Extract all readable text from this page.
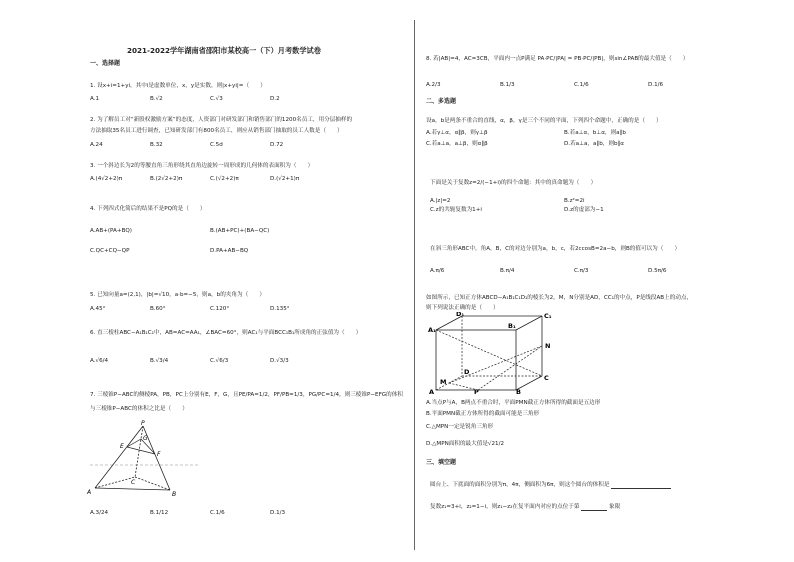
2021-2022学年湖南省邵阳市某校高一（下）月考数学试卷
一、选择题
1. 设x+i=1+yi，其中i是虚数单位，x，y是实数，则|x+yi|=（　　）
A.1	B.√2	C.√3	D.2
2. 为了解员工对“新股权激励方案”的态度，人资部门对研发部门和销售部门的1200名员工，用分层抽样的
方法抽取35名员工进行调查，已知研发部门有800名员工，则应从销售部门抽取的员工人数是（　　）
A.24	B.32	C.5d	D.72
3. 一个斜边长为2的等腰直角三角形绕其直角边旋转一周形成的几何体的表面积为（　　）
A.(4√2+2)π	B.(2√2+2)π	C.(√2+2)π	D.(√2+1)π
4. 下列四式化简后的结果不是PQ的是（　　）
A.AB+(PA+BQ)	B.(AB+PC)+(BA−QC)
C.QC+CQ−QP	D.PA+AB−BQ
5. 已知向量a=(2,1)，|b|=√10，a·b=−5，则a，b的夹角为（　　）
A.45°	B.60°	C.120°	D.135°
6. 直三棱柱ABC−A₁B₁C₁中，AB=AC=AA₁，∠BAC=60°，则AC₁与平面BCC₁B₁所成角的正弦值为（　　）
A.√6/4	B.√3/4	C.√6/3	D.√3/3
7. 三棱锥P−ABC的侧棱PA，PB，PC上分别有E，F，G，且PE/PA=1/2，PF/PB=1/3，PG/PC=1/4，则三棱锥P−EFG的体积
与三棱锥P−ABC的体积之比是（　　）
P
E
F
G
A	B
C
A.3/24	B.1/12	C.1/6	D.1/3
8. 若|AB|=4，AC=3CB，平面内一点P满足 PA·PC/|PA| = PB·PC/|PB|，则sin∠PAB的最大值是（　　）
A.2/3	B.1/3	C.1/6	D.1/6
二、多选题
设a，b是两条不重合的直线，α，β，γ是三个不同的平面，下列四个命题中，正确的是（　　）
A.若γ⊥α，α∥β，则γ⊥β	B.若a⊥α，b⊥α，则a∥b
C.若a⊥a，a⊥β，则α∥β	D.若a⊥a，a∥b，则b∥α
下面是关于复数z=2/(−1+i)的四个命题：其中的真命题为（　　）
A.|z|=2	B.z²=2i
C.z的共轭复数为1+i	D.z的虚部为−1
在斜三角形ABC中，角A，B，C的对边分别为a，b，c，若2ccosB=2a−b，则B的值可以为（　　）
A.π/6	B.π/4	C.π/3	D.5π/6
如图所示，已知正方体ABCD−A₁B₁C₁D₁的棱长为2，M，N分别是AD，CC₁的中点，P是线段AB上的动点，
则下列说法正确的是（　　）
A₁
D₁	C₁
B₁
N
M
D
C
A	P	B
A.当点P与A，B两点不重合时，平面PMN截正方体所得的截面是五边形
B.平面PMN截正方体所得的截面可能是三角形
C.△MPN一定是锐角三角形
D.△MPN面积的最大值是√21/2
三、填空题
圆台上、下底面的面积分别为π，4π，侧面积为6π，则这个圆台的体积是
复数z₁=3+i，z₂=1−i，则z₁−z₂在复平面内对应的点位于第	象限
